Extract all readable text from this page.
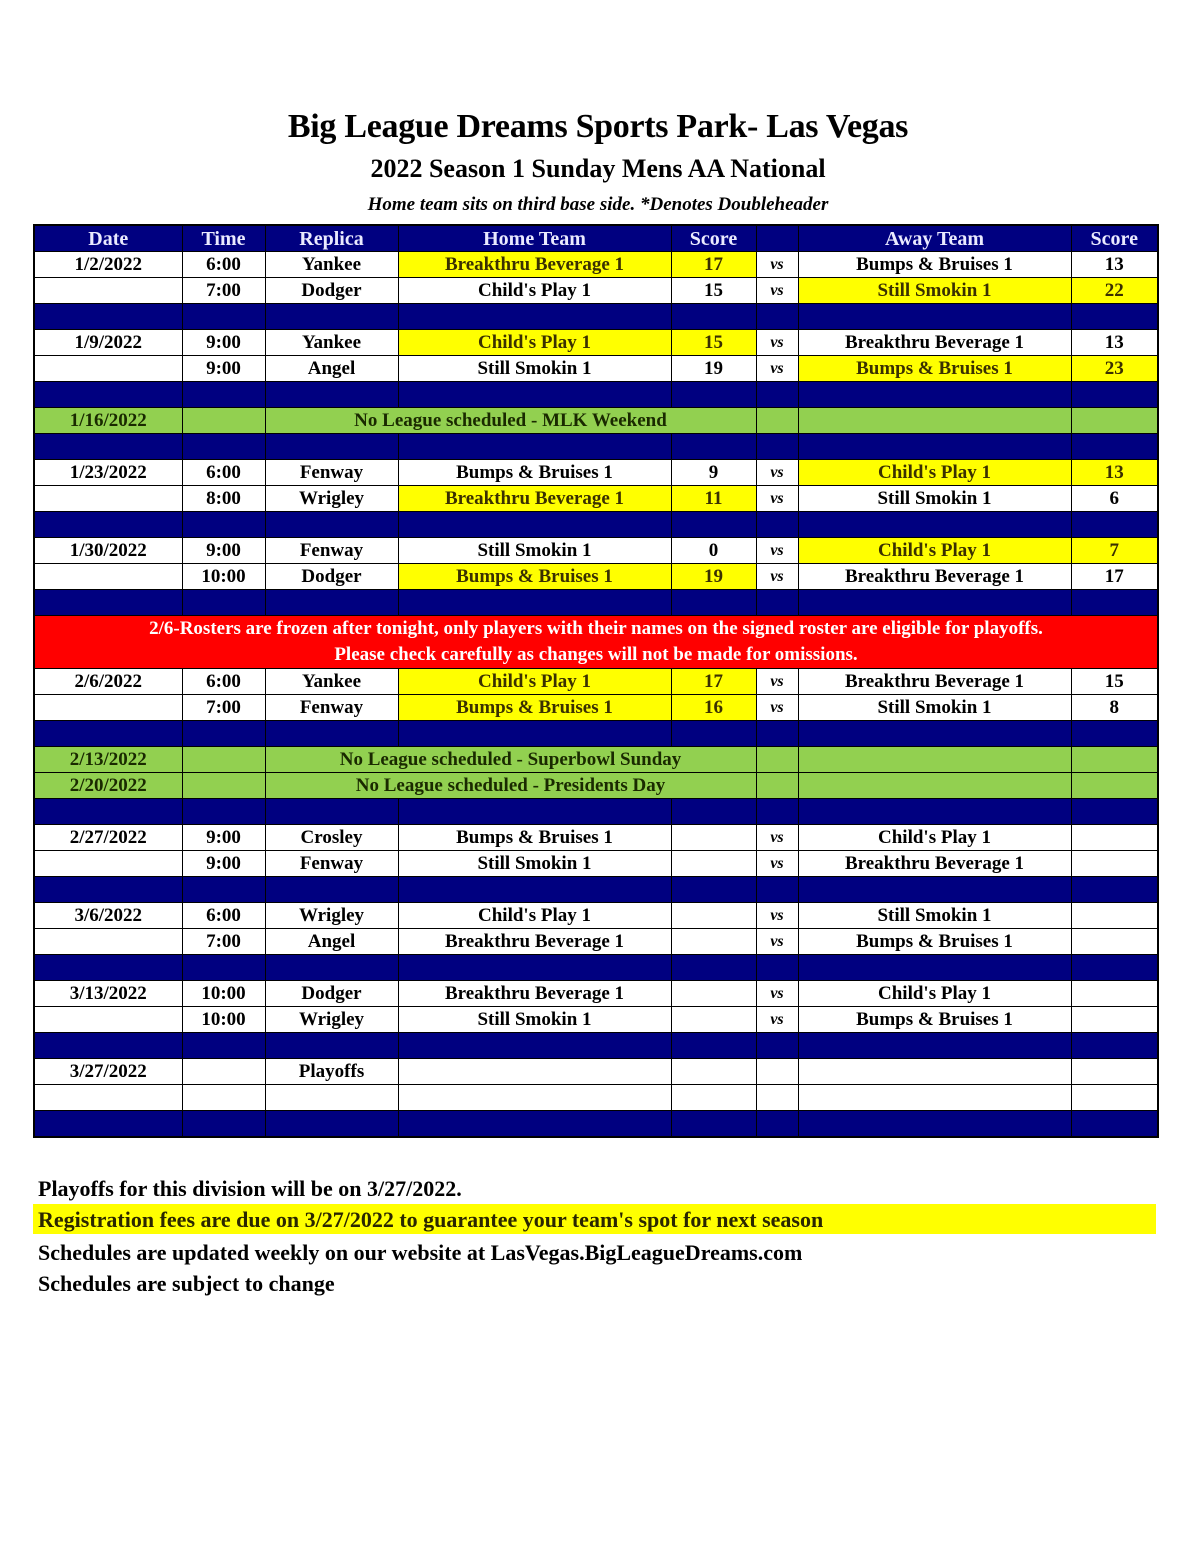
Big League Dreams Sports Park- Las Vegas
2022 Season 1 Sunday Mens AA National
Home team sits on third base side. *Denotes Doubleheader
Date	Time	Replica	Home Team	Score		Away Team	Score
1/2/2022	6:00	Yankee	Breakthru Beverage 1	17	vs	Bumps & Bruises 1	13
	7:00	Dodger	Child's Play 1	15	vs	Still Smokin 1	22

1/9/2022	9:00	Yankee	Child's Play 1	15	vs	Breakthru Beverage 1	13
	9:00	Angel	Still Smokin 1	19	vs	Bumps & Bruises 1	23

1/16/2022		No League scheduled - MLK Weekend					

1/23/2022	6:00	Fenway	Bumps & Bruises 1	9	vs	Child's Play 1	13
	8:00	Wrigley	Breakthru Beverage 1	11	vs	Still Smokin 1	6

1/30/2022	9:00	Fenway	Still Smokin 1	0	vs	Child's Play 1	7
	10:00	Dodger	Bumps & Bruises 1	19	vs	Breakthru Beverage 1	17

2/6-Rosters are frozen after tonight, only players with their names on the signed roster are eligible for playoffs.
Please check carefully as changes will not be made for omissions.							

2/6/2022	6:00	Yankee	Child's Play 1	17	vs	Breakthru Beverage 1	15
	7:00	Fenway	Bumps & Bruises 1	16	vs	Still Smokin 1	8

2/13/2022		No League scheduled - Superbowl Sunday					
2/20/2022		No League scheduled - Presidents Day					

2/27/2022	9:00	Crosley	Bumps & Bruises 1		vs	Child's Play 1	
	9:00	Fenway	Still Smokin 1		vs	Breakthru Beverage 1	

3/6/2022	6:00	Wrigley	Child's Play 1		vs	Still Smokin 1	
	7:00	Angel	Breakthru Beverage 1		vs	Bumps & Bruises 1	

3/13/2022	10:00	Dodger	Breakthru Beverage 1		vs	Child's Play 1	
	10:00	Wrigley	Still Smokin 1		vs	Bumps & Bruises 1	

3/27/2022		Playoffs					

Playoffs for this division will be on 3/27/2022.
Registration fees are due on 3/27/2022 to guarantee your team's spot for next season
Schedules are updated weekly on our website at LasVegas.BigLeagueDreams.com
Schedules are subject to change
